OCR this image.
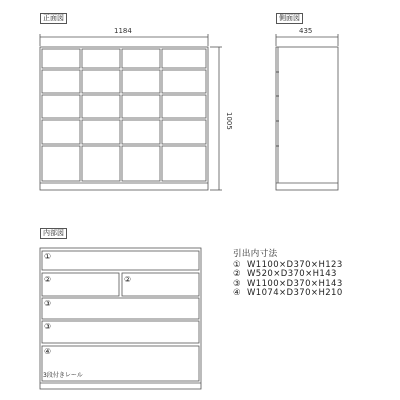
正面図	側面図
内部図
1184	435
1005
①
②	②
③
③
④
3段付きレール
引出内寸法
① W1100×D370×H123
② W520×D370×H143
③ W1100×D370×H143
④ W1074×D370×H210
